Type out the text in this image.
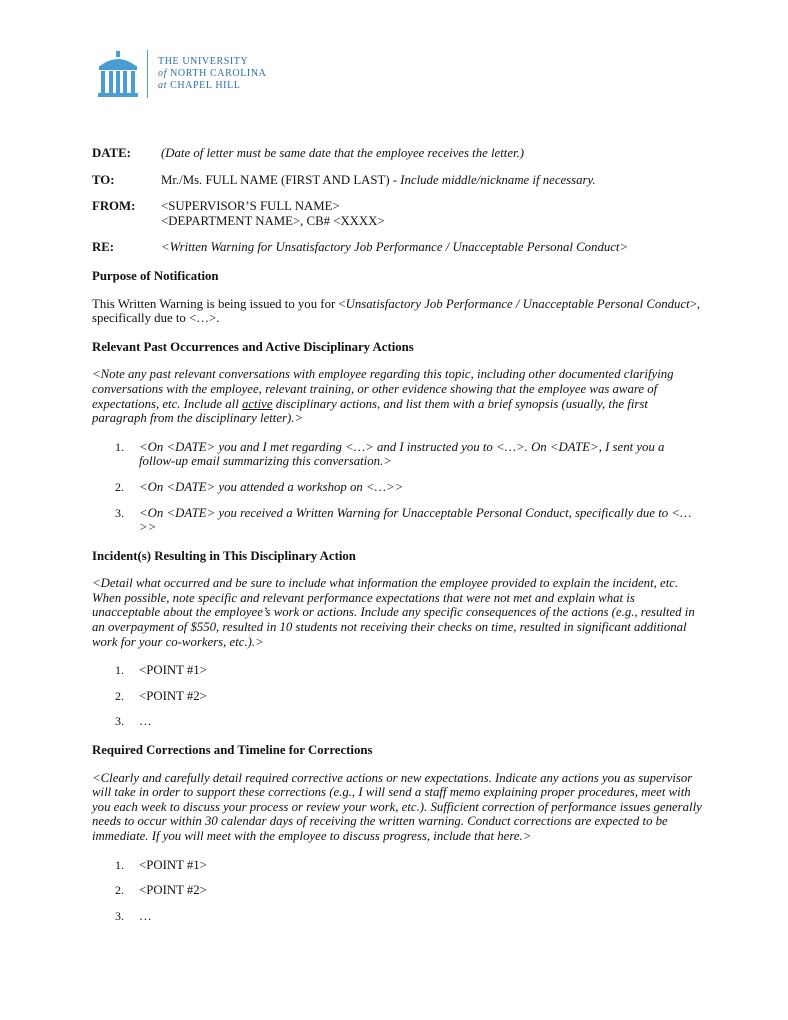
THE UNIVERSITY
of NORTH CAROLINA
at CHAPEL HILL
DATE:	(Date of letter must be same date that the employee receives the letter.)
TO:	Mr./Ms. FULL NAME (FIRST AND LAST) - Include middle/nickname if necessary.
FROM:	<SUPERVISOR’S FULL NAME>
<DEPARTMENT NAME>, CB# <XXXX>
RE:	<Written Warning for Unsatisfactory Job Performance / Unacceptable Personal Conduct>
Purpose of Notification

This Written Warning is being issued to you for <Unsatisfactory Job Performance / Unacceptable Personal Conduct>, specifically due to <…>.

Relevant Past Occurrences and Active Disciplinary Actions

<Note any past relevant conversations with employee regarding this topic, including other documented clarifying conversations with the employee, relevant training, or other evidence showing that the employee was aware of expectations, etc. Include all active disciplinary actions, and list them with a brief synopsis (usually, the first paragraph from the disciplinary letter).>

1.	<On <DATE> you and I met regarding <…> and I instructed you to <…>. On <DATE>, I sent you a follow-up email summarizing this conversation.>
2.	<On <DATE> you attended a workshop on <…>>
3.	<On <DATE> you received a Written Warning for Unacceptable Personal Conduct, specifically due to <…>>
Incident(s) Resulting in This Disciplinary Action

<Detail what occurred and be sure to include what information the employee provided to explain the incident, etc. When possible, note specific and relevant performance expectations that were not met and explain what is unacceptable about the employee’s work or actions. Include any specific consequences of the actions (e.g., resulted in an overpayment of $550, resulted in 10 students not receiving their checks on time, resulted in significant additional work for your co-workers, etc.).>

1.	<POINT #1>
2.	<POINT #2>
3.	…
Required Corrections and Timeline for Corrections

<Clearly and carefully detail required corrective actions or new expectations. Indicate any actions you as supervisor will take in order to support these corrections (e.g., I will send a staff memo explaining proper procedures, meet with you each week to discuss your process or review your work, etc.). Sufficient correction of performance issues generally needs to occur within 30 calendar days of receiving the written warning. Conduct corrections are expected to be immediate. If you will meet with the employee to discuss progress, include that here.>

1.	<POINT #1>
2.	<POINT #2>
3.	…
